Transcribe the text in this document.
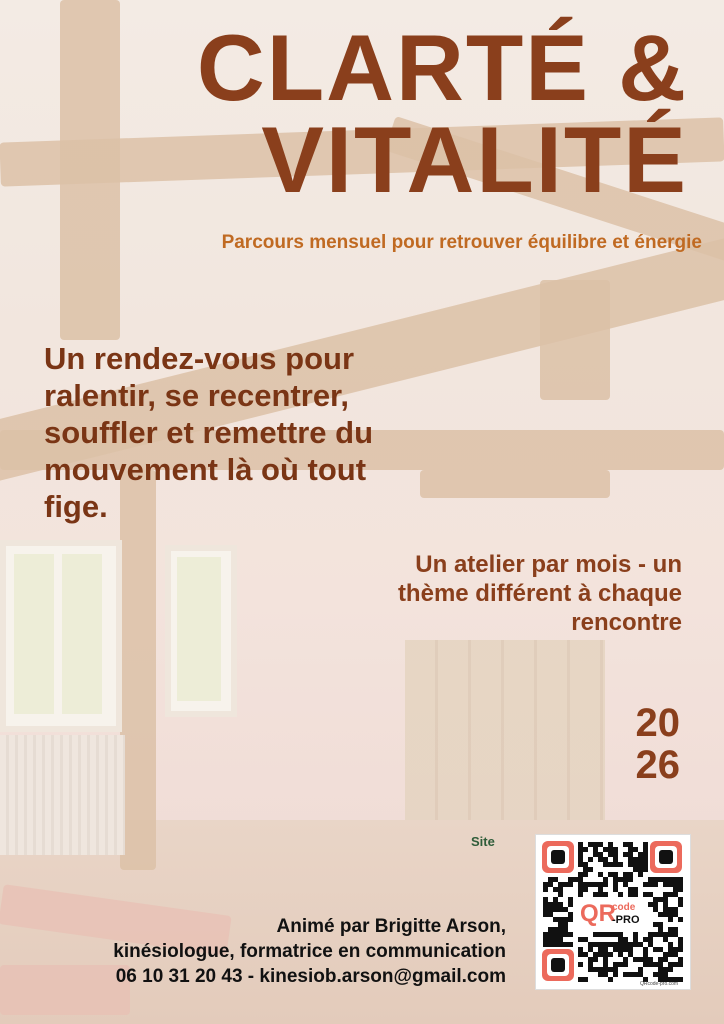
CLARTÉ &
VITALITÉ

Parcours mensuel pour retrouver équilibre et énergie

Un rendez-vous pour ralentir, se recentrer, souffler et remettre du mouvement là où tout fige.

Un atelier par mois - un thème différent à chaque rencontre

20
26

Site

QR
code
-PRO
QRcode-pro.com
Animé par Brigitte Arson,
kinésiologue, formatrice en communication
06 10 31 20 43 - kinesiob.arson@gmail.com
